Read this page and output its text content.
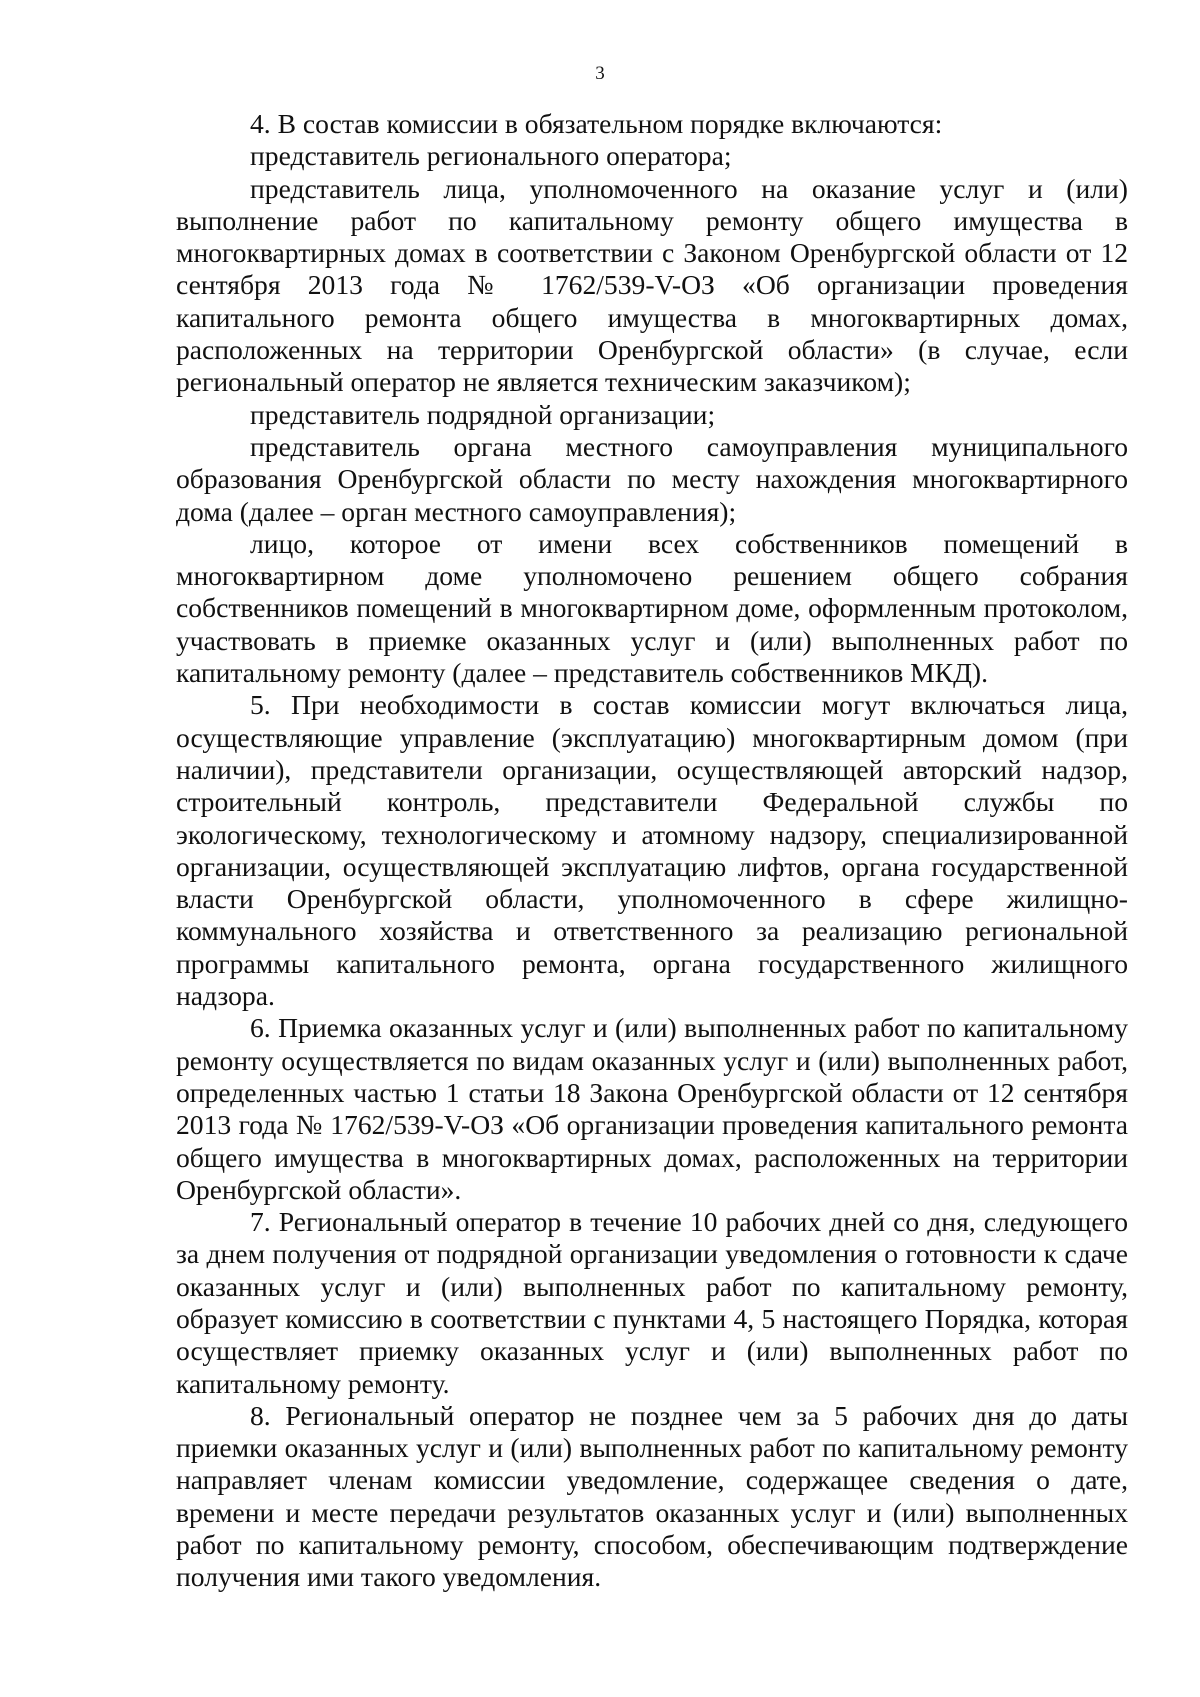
3

4. В состав комиссии в обязательном порядке включаются:

представитель регионального оператора;

представитель лица, уполномоченного на оказание услуг и (или) выполнение работ по капитальному ремонту общего имущества в многоквартирных домах в соответствии с Законом Оренбургской области от 12 сентября 2013 года № 1762/539-V-ОЗ «Об организации проведения капитального ремонта общего имущества в многоквартирных домах, расположенных на территории Оренбургской области» (в случае, если региональный оператор не является техническим заказчиком);

представитель подрядной организации;

представитель органа местного самоуправления муниципального образования Оренбургской области по месту нахождения многоквартирного дома (далее – орган местного самоуправления);

лицо, которое от имени всех собственников помещений в многоквартирном доме уполномочено решением общего собрания собственников помещений в многоквартирном доме, оформленным протоколом, участвовать в приемке оказанных услуг и (или) выполненных работ по капитальному ремонту (далее – представитель собственников МКД).

5. При необходимости в состав комиссии могут включаться лица, осуществляющие управление (эксплуатацию) многоквартирным домом (при наличии), представители организации, осуществляющей авторский надзор, строительный контроль, представители Федеральной службы по экологическому, технологическому и атомному надзору, специализированной организации, осуществляющей эксплуатацию лифтов, органа государственной власти Оренбургской области, уполномоченного в сфере жилищно-коммунального хозяйства и ответственного за реализацию региональной программы капитального ремонта, органа государственного жилищного надзора.

6. Приемка оказанных услуг и (или) выполненных работ по капитальному ремонту осуществляется по видам оказанных услуг и (или) выполненных работ, определенных частью 1 статьи 18 Закона Оренбургской области от 12 сентября 2013 года № 1762/539-V-ОЗ «Об организации проведения капитального ремонта общего имущества в многоквартирных домах, расположенных на территории Оренбургской области».

7. Региональный оператор в течение 10 рабочих дней со дня, следующего за днем получения от подрядной организации уведомления о готовности к сдаче оказанных услуг и (или) выполненных работ по капитальному ремонту, образует комиссию в соответствии с пунктами 4, 5 настоящего Порядка, которая осуществляет приемку оказанных услуг и (или) выполненных работ по капитальному ремонту.

8. Региональный оператор не позднее чем за 5 рабочих дня до даты приемки оказанных услуг и (или) выполненных работ по капитальному ремонту направляет членам комиссии уведомление, содержащее сведения о дате, времени и месте передачи результатов оказанных услуг и (или) выполненных работ по капитальному ремонту, способом, обеспечивающим подтверждение получения ими такого уведомления.
